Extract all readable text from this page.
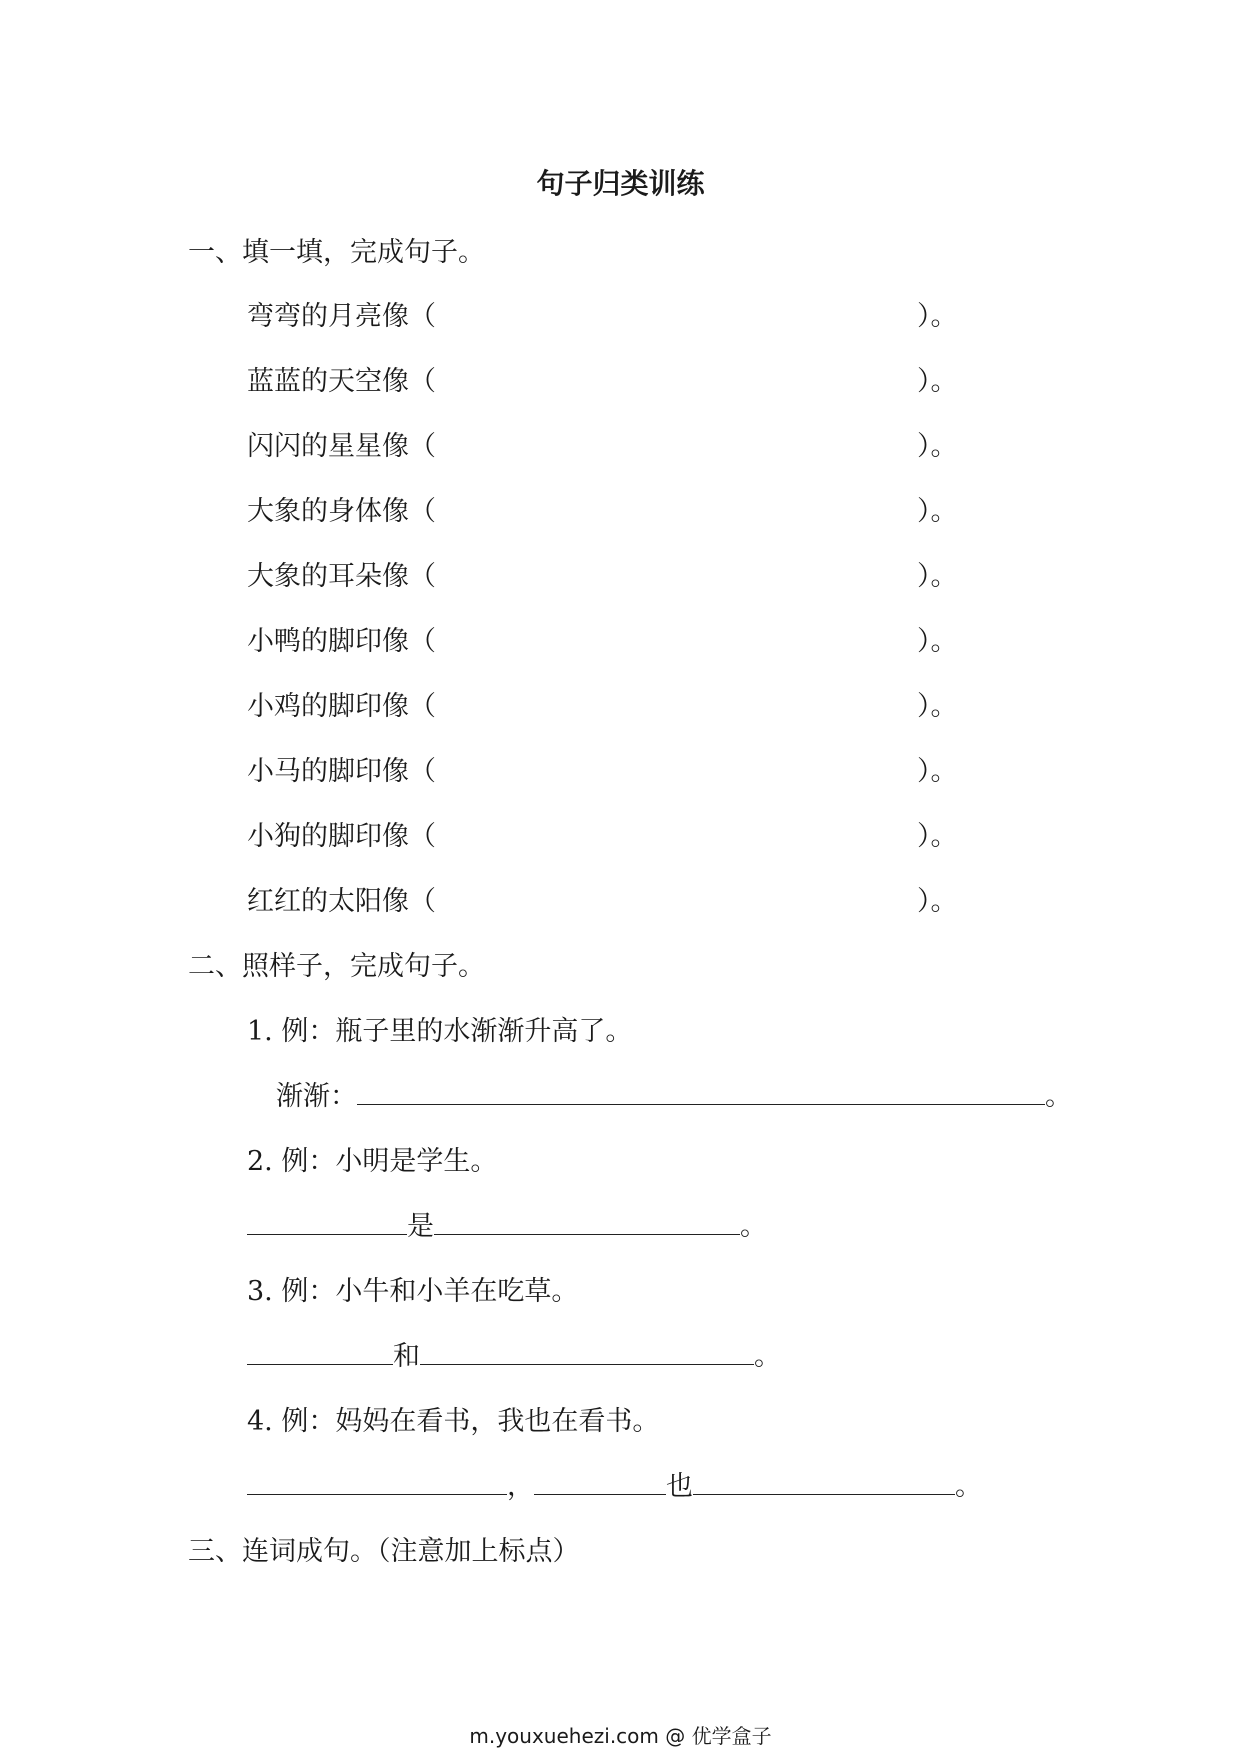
句子归类训练
一、填一填，完成句子。
弯弯的月亮像（	）。
蓝蓝的天空像（	）。
闪闪的星星像（	）。
大象的身体像（	）。
大象的耳朵像（	）。
小鸭的脚印像（	）。
小鸡的脚印像（	）。
小马的脚印像（	）。
小狗的脚印像（	）。
红红的太阳像（	）。
二、照样子，完成句子。
1. 例：瓶子里的水渐渐升高了。
渐渐：	。
2. 例：小明是学生。
是	。
3. 例：小牛和小羊在吃草。
和	。
4. 例：妈妈在看书，我也在看书。
，	也	。
三、连词成句。（注意加上标点）
m.youxuehezi.com @ 优学盒子
